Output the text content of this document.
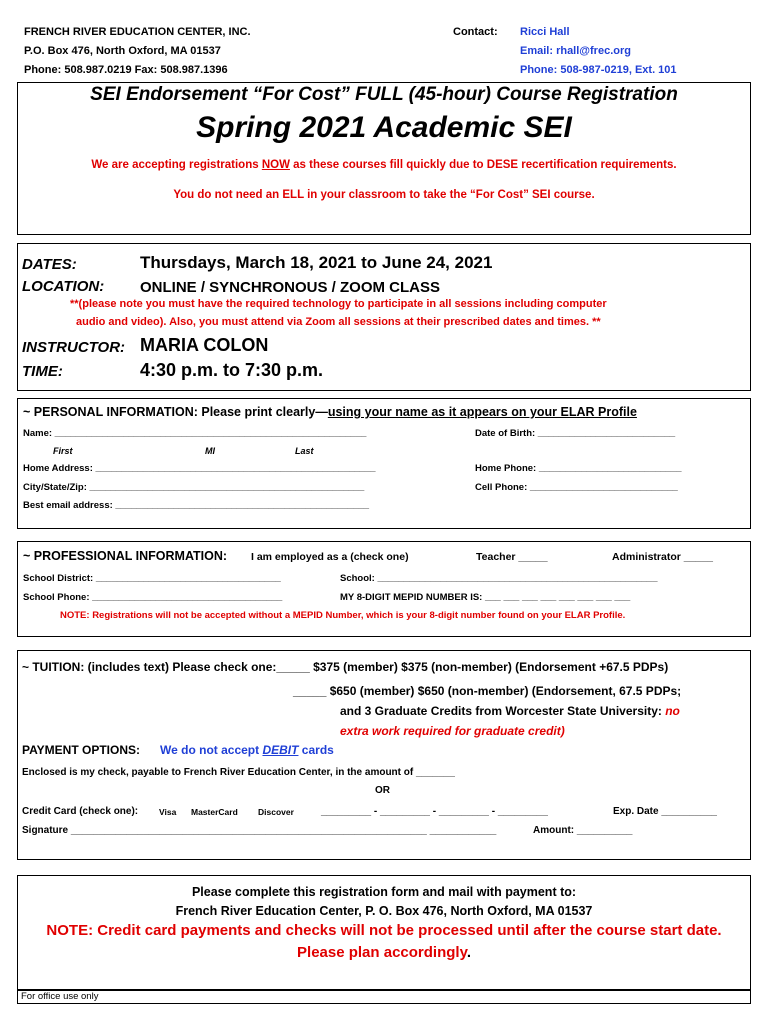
FRENCH RIVER EDUCATION CENTER, INC.
P.O. Box 476, North Oxford, MA 01537
Phone: 508.987.0219 Fax: 508.987.1396
Contact: Ricci Hall
Email: rhall@frec.org
Phone: 508-987-0219, Ext. 101
SEI Endorsement “For Cost” FULL (45-hour) Course Registration
Spring 2021 Academic SEI
We are accepting registrations NOW as these courses fill quickly due to DESE recertification requirements.
You do not need an ELL in your classroom to take the “For Cost” SEI course.
DATES:	Thursdays, March 18, 2021 to June 24, 2021
LOCATION: ONLINE / SYNCHRONOUS / ZOOM CLASS
**(please note you must have the required technology to participate in all sessions including computer
audio and video). Also, you must attend via Zoom all sessions at their prescribed dates and times. **
INSTRUCTOR: MARIA COLON
TIME:	4:30 p.m. to 7:30 p.m.
~ PERSONAL INFORMATION: Please print clearly—using your name as it appears on your ELAR Profile
Name: ___________________________________________________________	Date of Birth: __________________________
First	MI	Last
Home Address: _____________________________________________________	Home Phone: ___________________________
City/State/Zip: ____________________________________________________	Cell Phone: ____________________________
Best email address: ________________________________________________
~ PROFESSIONAL INFORMATION: I am employed as a (check one)	Teacher _____	Administrator _____
School District: ___________________________________	School: _____________________________________________________
School Phone: ____________________________________	MY 8-DIGIT MEPID NUMBER IS: ___ ___ ___ ___ ___ ___ ___ ___
NOTE: Registrations will not be accepted without a MEPID Number, which is your 8-digit number found on your ELAR Profile.
~ TUITION: (includes text) Please check one:_____ $375 (member) $375 (non-member) (Endorsement +67.5 PDPs)
_____ $650 (member) $650 (non-member) (Endorsement, 67.5 PDPs;
and 3 Graduate Credits from Worcester State University: no
extra work required for graduate credit)
PAYMENT OPTIONS: We do not accept DEBIT cards
Enclosed is my check, payable to French River Education Center, in the amount of _______
OR
Credit Card (check one): Visa MasterCard Discover	_________ - _________ - _________ - _________	Exp. Date __________
Signature ________________________________________________________________ ____________	Amount: __________
Please complete this registration form and mail with payment to:
French River Education Center, P. O. Box 476, North Oxford, MA 01537
NOTE: Credit card payments and checks will not be processed until after the course start date.
Please plan accordingly.
For office use only
